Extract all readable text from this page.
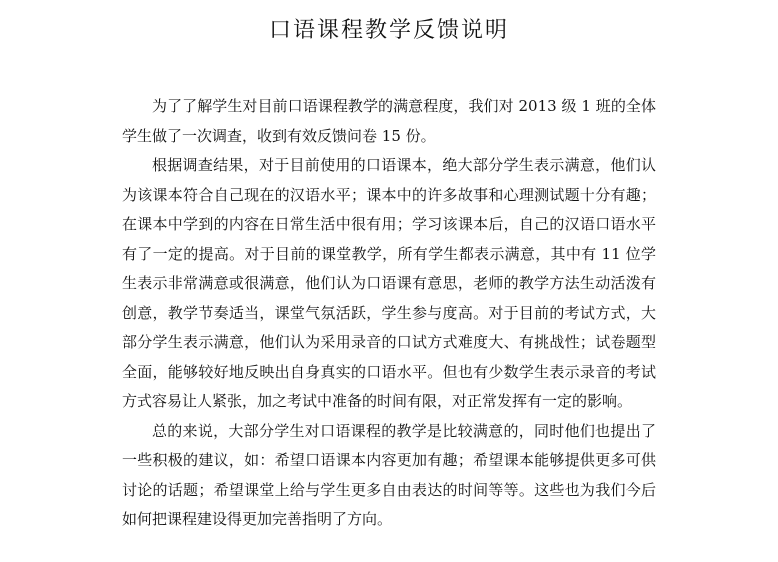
口语课程教学反馈说明

为了了解学生对目前口语课程教学的满意程度，我们对 2013 级 1 班的全体学生做了一次调查，收到有效反馈问卷 15 份。

根据调查结果，对于目前使用的口语课本，绝大部分学生表示满意，他们认为该课本符合自己现在的汉语水平；课本中的许多故事和心理测试题十分有趣；在课本中学到的内容在日常生活中很有用；学习该课本后，自己的汉语口语水平有了一定的提高。对于目前的课堂教学，所有学生都表示满意，其中有 11 位学生表示非常满意或很满意，他们认为口语课有意思，老师的教学方法生动活泼有创意，教学节奏适当，课堂气氛活跃，学生参与度高。对于目前的考试方式，大部分学生表示满意，他们认为采用录音的口试方式难度大、有挑战性；试卷题型全面，能够较好地反映出自身真实的口语水平。但也有少数学生表示录音的考试方式容易让人紧张，加之考试中准备的时间有限，对正常发挥有一定的影响。

总的来说，大部分学生对口语课程的教学是比较满意的，同时他们也提出了一些积极的建议，如：希望口语课本内容更加有趣；希望课本能够提供更多可供讨论的话题；希望课堂上给与学生更多自由表达的时间等等。这些也为我们今后如何把课程建设得更加完善指明了方向。
